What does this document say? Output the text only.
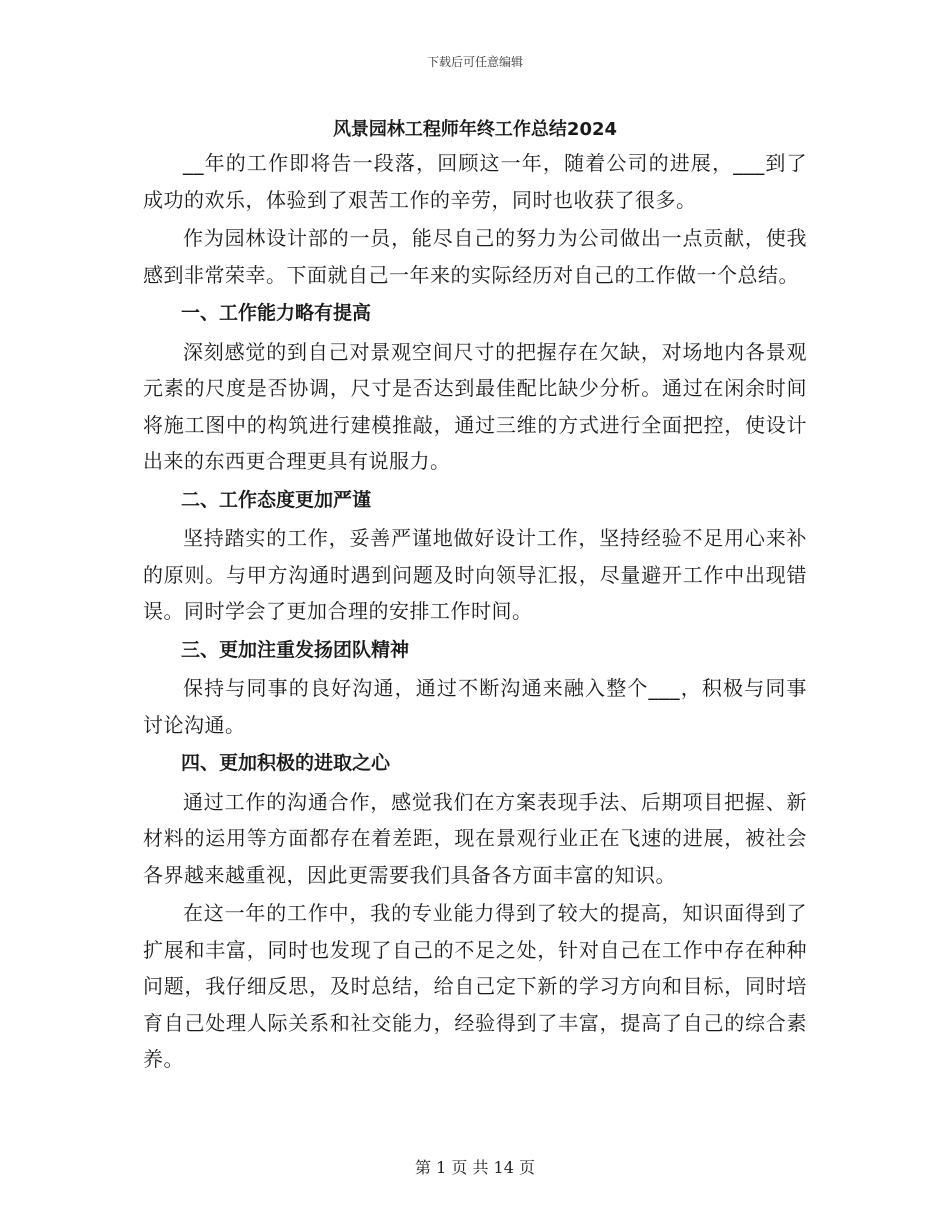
下载后可任意编辑
风景园林工程师年终工作总结2024

__年的工作即将告一段落，回顾这一年，随着公司的进展，___到了成功的欢乐，体验到了艰苦工作的辛劳，同时也收获了很多。

作为园林设计部的一员，能尽自己的努力为公司做出一点贡献，使我感到非常荣幸。下面就自己一年来的实际经历对自己的工作做一个总结。

一、工作能力略有提高

深刻感觉的到自己对景观空间尺寸的把握存在欠缺，对场地内各景观元素的尺度是否协调，尺寸是否达到最佳配比缺少分析。通过在闲余时间将施工图中的构筑进行建模推敲，通过三维的方式进行全面把控，使设计出来的东西更合理更具有说服力。

二、工作态度更加严谨

坚持踏实的工作，妥善严谨地做好设计工作，坚持经验不足用心来补的原则。与甲方沟通时遇到问题及时向领导汇报，尽量避开工作中出现错误。同时学会了更加合理的安排工作时间。

三、更加注重发扬团队精神

保持与同事的良好沟通，通过不断沟通来融入整个___，积极与同事讨论沟通。

四、更加积极的进取之心

通过工作的沟通合作，感觉我们在方案表现手法、后期项目把握、新材料的运用等方面都存在着差距，现在景观行业正在飞速的进展，被社会各界越来越重视，因此更需要我们具备各方面丰富的知识。

在这一年的工作中，我的专业能力得到了较大的提高，知识面得到了扩展和丰富，同时也发现了自己的不足之处，针对自己在工作中存在种种问题，我仔细反思，及时总结，给自己定下新的学习方向和目标，同时培育自己处理人际关系和社交能力，经验得到了丰富，提高了自己的综合素养。

第 1 页 共 14 页
